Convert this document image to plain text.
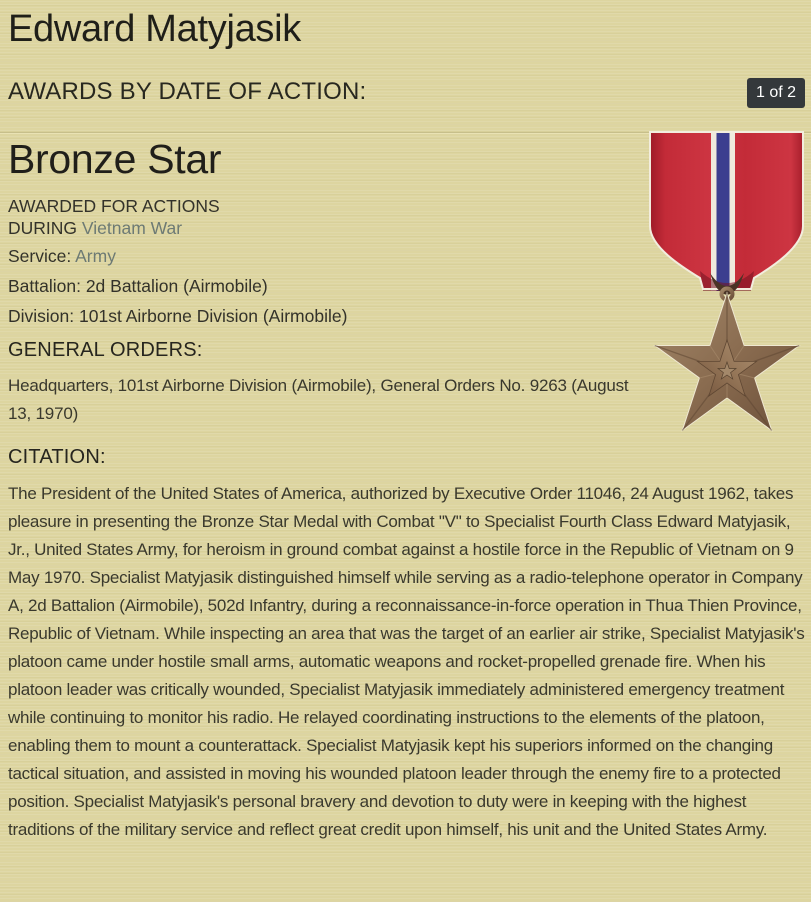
Edward Matyjasik
AWARDS BY DATE OF ACTION:	1 of 2
Bronze Star
AWARDED FOR ACTIONS
DURING Vietnam War
Service: Army
Battalion: 2d Battalion (Airmobile)
Division: 101st Airborne Division (Airmobile)
GENERAL ORDERS:

Headquarters, 101st Airborne Division (Airmobile), General Orders No. 9263 (August 13, 1970)

CITATION:

The President of the United States of America, authorized by Executive Order 11046, 24 August 1962, takes pleasure in presenting the Bronze Star Medal with Combat "V" to Specialist Fourth Class Edward Matyjasik, Jr., United States Army, for heroism in ground combat against a hostile force in the Republic of Vietnam on 9 May 1970. Specialist Matyjasik distinguished himself while serving as a radio-telephone operator in Company A, 2d Battalion (Airmobile), 502d Infantry, during a reconnaissance-in-force operation in Thua Thien Province, Republic of Vietnam. While inspecting an area that was the target of an earlier air strike, Specialist Matyjasik's platoon came under hostile small arms, automatic weapons and rocket-propelled grenade fire. When his platoon leader was critically wounded, Specialist Matyjasik immediately administered emergency treatment while continuing to monitor his radio. He relayed coordinating instructions to the elements of the platoon, enabling them to mount a counterattack. Specialist Matyjasik kept his superiors informed on the changing tactical situation, and assisted in moving his wounded platoon leader through the enemy fire to a protected position. Specialist Matyjasik's personal bravery and devotion to duty were in keeping with the highest traditions of the military service and reflect great credit upon himself, his unit and the United States Army.
